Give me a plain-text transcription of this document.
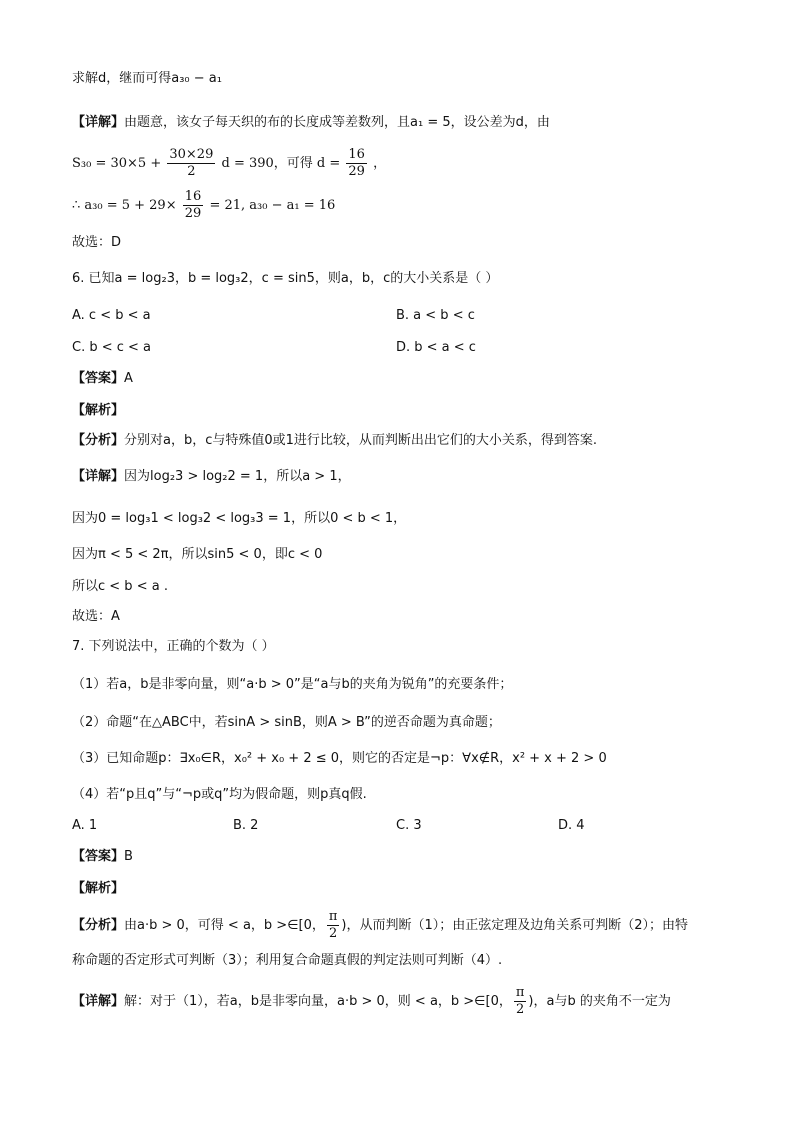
求解d，继而可得a₃₀ − a₁
【详解】由题意，该女子每天织的布的长度成等差数列，且a₁ = 5，设公差为d，由
$S_{30} = 30\times 5 + \frac{30\times 29}{2}$ d = 390，可得 $d = \frac{16}{29}$ ，
∴ $a_{30} = 5 + 29\times \frac{16}{29} = 21$, a₃₀ − a₁ = 16
故选：D
6. 已知a = log₂3，b = log₃2，c = sin5，则a，b，c的大小关系是（ ）
A. c < b < a	B. a < b < c
C. b < c < a	D. b < a < c
【答案】A
【解析】
【分析】分别对a，b，c与特殊值0或1进行比较，从而判断出出它们的大小关系，得到答案.
【详解】因为log₂3 > log₂2 = 1，所以a > 1，
因为0 = log₃1 < log₃2 < log₃3 = 1，所以0 < b < 1，
因为π < 5 < 2π，所以sin5 < 0，即c < 0
所以c < b < a .
故选：A
7. 下列说法中，正确的个数为（ ）
（1）若a，b是非零向量，则“a·b > 0”是“a与b的夹角为锐角”的充要条件；
（2）命题“在△ABC中，若sinA > sinB，则A > B”的逆否命题为真命题；
（3）已知命题p：∃x₀∈R，x₀² + x₀ + 2 ≤ 0，则它的否定是¬p：∀x∉R，x² + x + 2 > 0
（4）若“p且q”与“¬p或q”均为假命题，则p真q假.
A. 1	B. 2	C. 3	D. 4
【答案】B
【解析】
【分析】由a·b > 0，可得 < a，b >∈[0， $\frac{\pi}{2}$ )，从而判断（1）；由正弦定理及边角关系可判断（2）；由特
称命题的否定形式可判断（3）；利用复合命题真假的判定法则可判断（4）.
【详解】解：对于（1），若a，b是非零向量，a·b > 0，则 < a，b >∈[0， $\frac{\pi}{2}$ )，a与b 的夹角不一定为
